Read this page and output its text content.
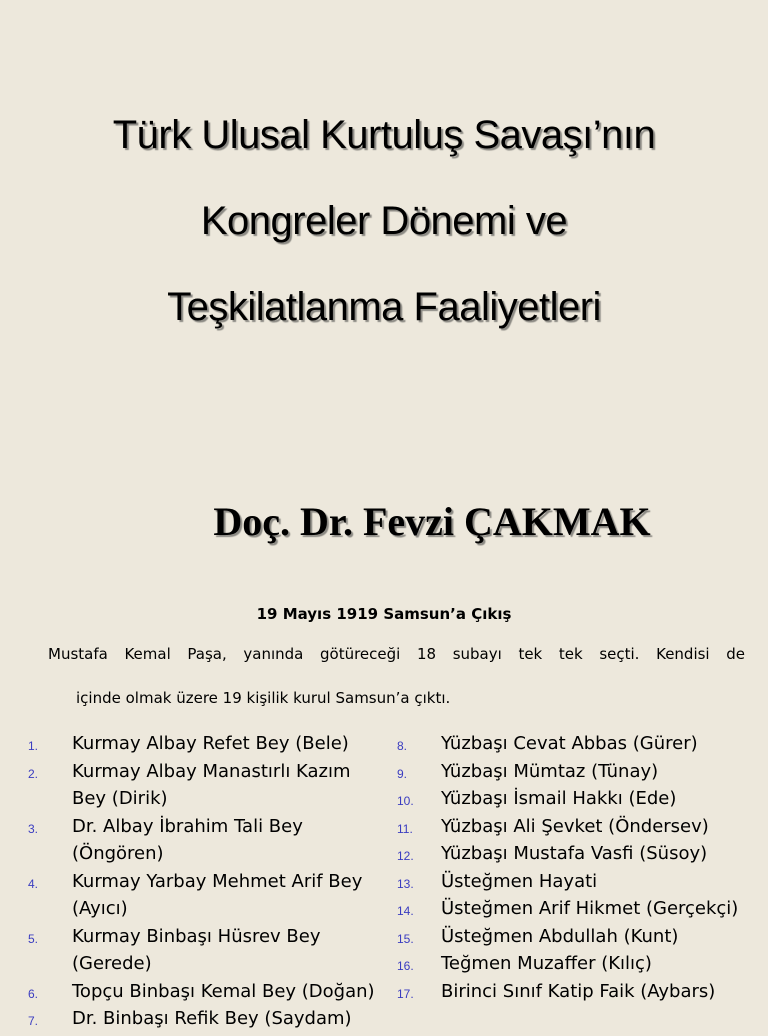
Türk Ulusal Kurtuluş Savaşı’nın
Kongreler Dönemi ve
Teşkilatlanma Faaliyetleri
Doç. Dr. Fevzi ÇAKMAK
19 Mayıs 1919 Samsun’a Çıkış
Mustafa Kemal Paşa, yanında götüreceği 18 subayı tek tek seçti. Kendisi de
içinde olmak üzere 19 kişilik kurul Samsun’a çıktı.
1. Kurmay Albay Refet Bey (Bele)
2. Kurmay Albay Manastırlı Kazım Bey (Dirik)
3. Dr. Albay İbrahim Tali Bey (Öngören)
4. Kurmay Yarbay Mehmet Arif Bey (Ayıcı)
5. Kurmay Binbaşı Hüsrev Bey (Gerede)
6. Topçu Binbaşı Kemal Bey (Doğan)
7. Dr. Binbaşı Refik Bey (Saydam)
8. Yüzbaşı Cevat Abbas (Gürer)
9. Yüzbaşı Mümtaz (Tünay)
10. Yüzbaşı İsmail Hakkı (Ede)
11. Yüzbaşı Ali Şevket (Öndersev)
12. Yüzbaşı Mustafa Vasfi (Süsoy)
13. Üsteğmen Hayati
14. Üsteğmen Arif Hikmet (Gerçekçi)
15. Üsteğmen Abdullah (Kunt)
16. Teğmen Muzaffer (Kılıç)
17. Birinci Sınıf Katip Faik (Aybars)
